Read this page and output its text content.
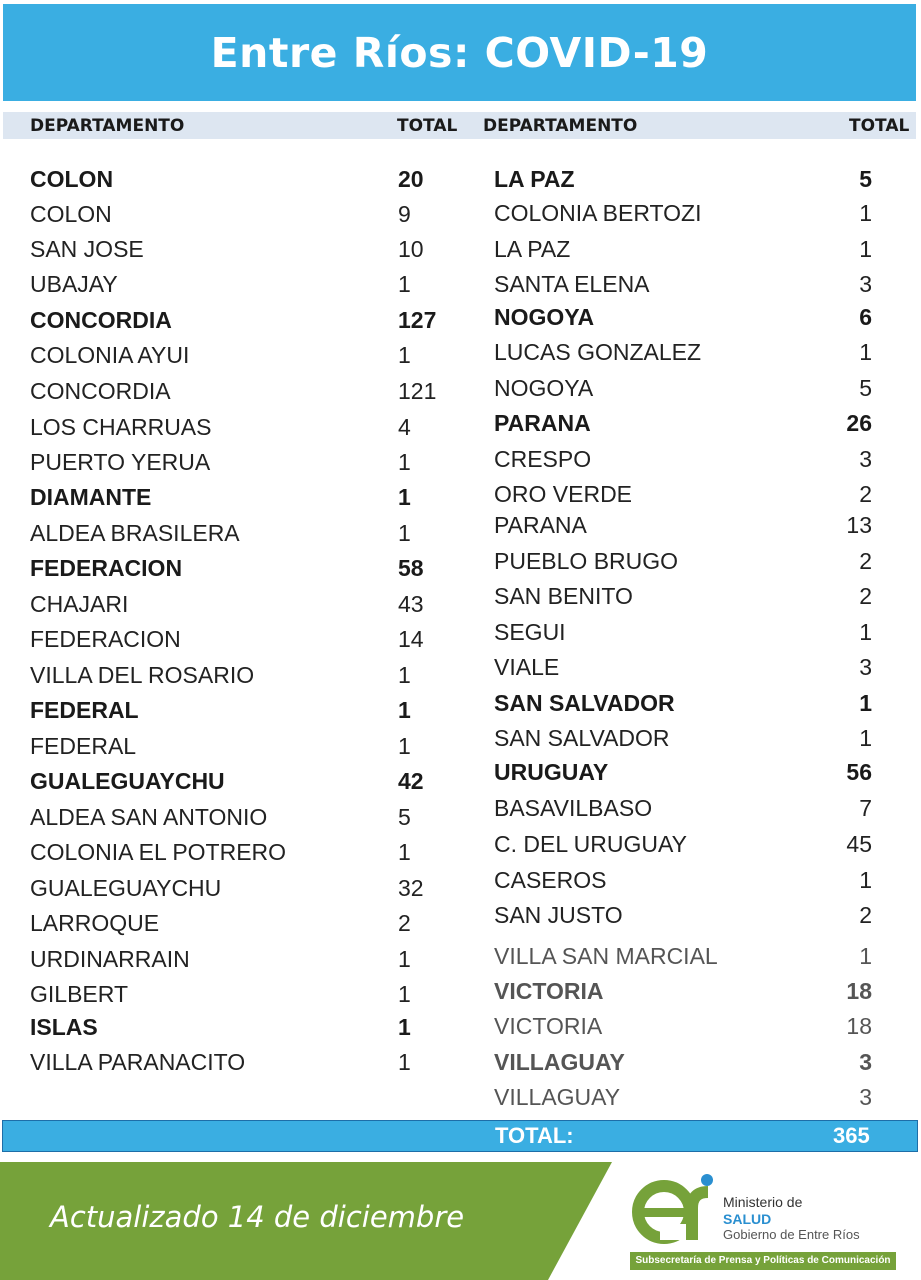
Entre Ríos: COVID-19
DEPARTAMENTO	TOTAL DEPARTAMENTO	TOTAL
COLON	20
COLON	9
SAN JOSE	10
UBAJAY	1
CONCORDIA	127
COLONIA AYUI	1
CONCORDIA	121
LOS CHARRUAS	4
PUERTO YERUA	1
DIAMANTE	1
ALDEA BRASILERA	1
FEDERACION	58
CHAJARI	43
FEDERACION	14
VILLA DEL ROSARIO	1
FEDERAL	1
FEDERAL	1
GUALEGUAYCHU	42
ALDEA SAN ANTONIO	5
COLONIA EL POTRERO	1
GUALEGUAYCHU	32
LARROQUE	2
URDINARRAIN	1
GILBERT	1
ISLAS	1
VILLA PARANACITO	1
LA PAZ	5
COLONIA BERTOZI	1
LA PAZ	1
SANTA ELENA	3
NOGOYA	6
LUCAS GONZALEZ	1
NOGOYA	5
PARANA	26
CRESPO	3
ORO VERDE	2
PARANA	13
PUEBLO BRUGO	2
SAN BENITO	2
SEGUI	1
VIALE	3
SAN SALVADOR	1
SAN SALVADOR	1
URUGUAY	56
BASAVILBASO	7
C. DEL URUGUAY	45
CASEROS	1
SAN JUSTO	2
VILLA SAN MARCIAL	1
VICTORIA	18
VICTORIA	18
VILLAGUAY	3
VILLAGUAY	3
TOTAL:	365
Actualizado 14 de diciembre	Ministerio de
SALUD
Gobierno de Entre Ríos
Subsecretaría de Prensa y Políticas de Comunicación
